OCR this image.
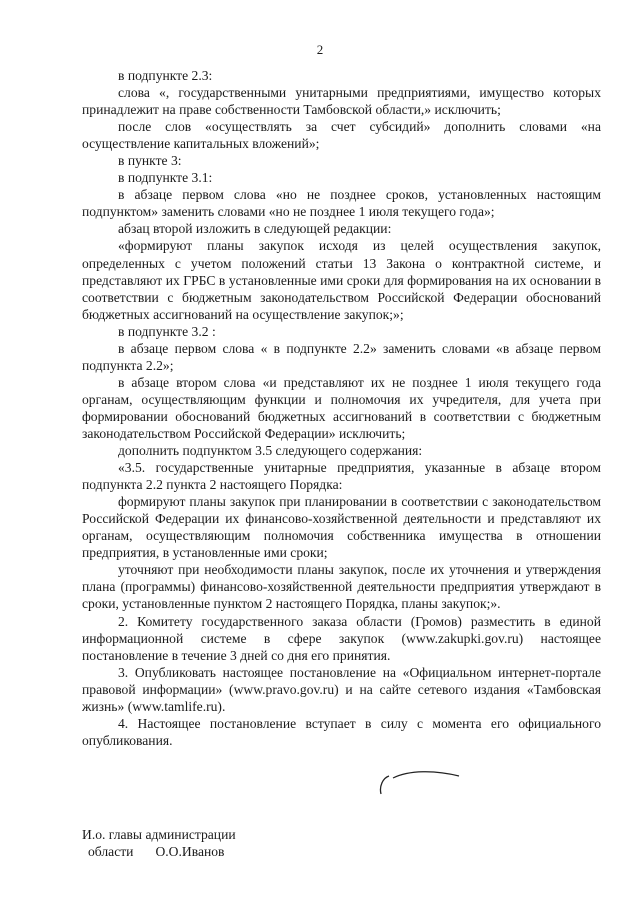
2

в подпункте 2.3:

слова «, государственными унитарными предприятиями, имущество которых принадлежит на праве собственности Тамбовской области,» исключить;

после слов «осуществлять за счет субсидий» дополнить словами «на осуществление капитальных вложений»;

в пункте 3:

в подпункте 3.1:

в абзаце первом слова «но не позднее сроков, установленных настоящим подпунктом» заменить словами «но не позднее 1 июля текущего года»;

абзац второй изложить в следующей редакции:

«формируют планы закупок исходя из целей осуществления закупок, определенных с учетом положений статьи 13 Закона о контрактной системе, и представляют их ГРБС в установленные ими сроки для формирования на их основании в соответствии с бюджетным законодательством Российской Федерации обоснований бюджетных ассигнований на осуществление закупок;»;

в подпункте 3.2 :

в абзаце первом слова « в подпункте 2.2» заменить словами «в абзаце первом подпункта 2.2»;

в абзаце втором слова «и представляют их не позднее 1 июля текущего года органам, осуществляющим функции и полномочия их учредителя, для учета при формировании обоснований бюджетных ассигнований в соответствии с бюджетным законодательством Российской Федерации» исключить;

дополнить подпунктом 3.5 следующего содержания:

«3.5. государственные унитарные предприятия, указанные в абзаце втором подпункта 2.2 пункта 2 настоящего Порядка:

формируют планы закупок при планировании в соответствии с законодательством Российской Федерации их финансово-хозяйственной деятельности и представляют их органам, осуществляющим полномочия собственника имущества в отношении предприятия, в установленные ими сроки;

уточняют при необходимости планы закупок, после их уточнения и утверждения плана (программы) финансово-хозяйственной деятельности предприятия утверждают в сроки, установленные пунктом 2 настоящего Порядка, планы закупок;».

2. Комитету государственного заказа области (Громов) разместить в единой информационной системе в сфере закупок (www.zakupki.gov.ru) настоящее постановление в течение 3 дней со дня его принятия.

3. Опубликовать настоящее постановление на «Официальном интернет-портале правовой информации» (www.pravo.gov.ru) и на сайте сетевого издания «Тамбовская жизнь» (www.tamlife.ru).

4. Настоящее постановление вступает в силу с момента его официального опубликования.

И.о. главы администрации
области О.О.Иванов
